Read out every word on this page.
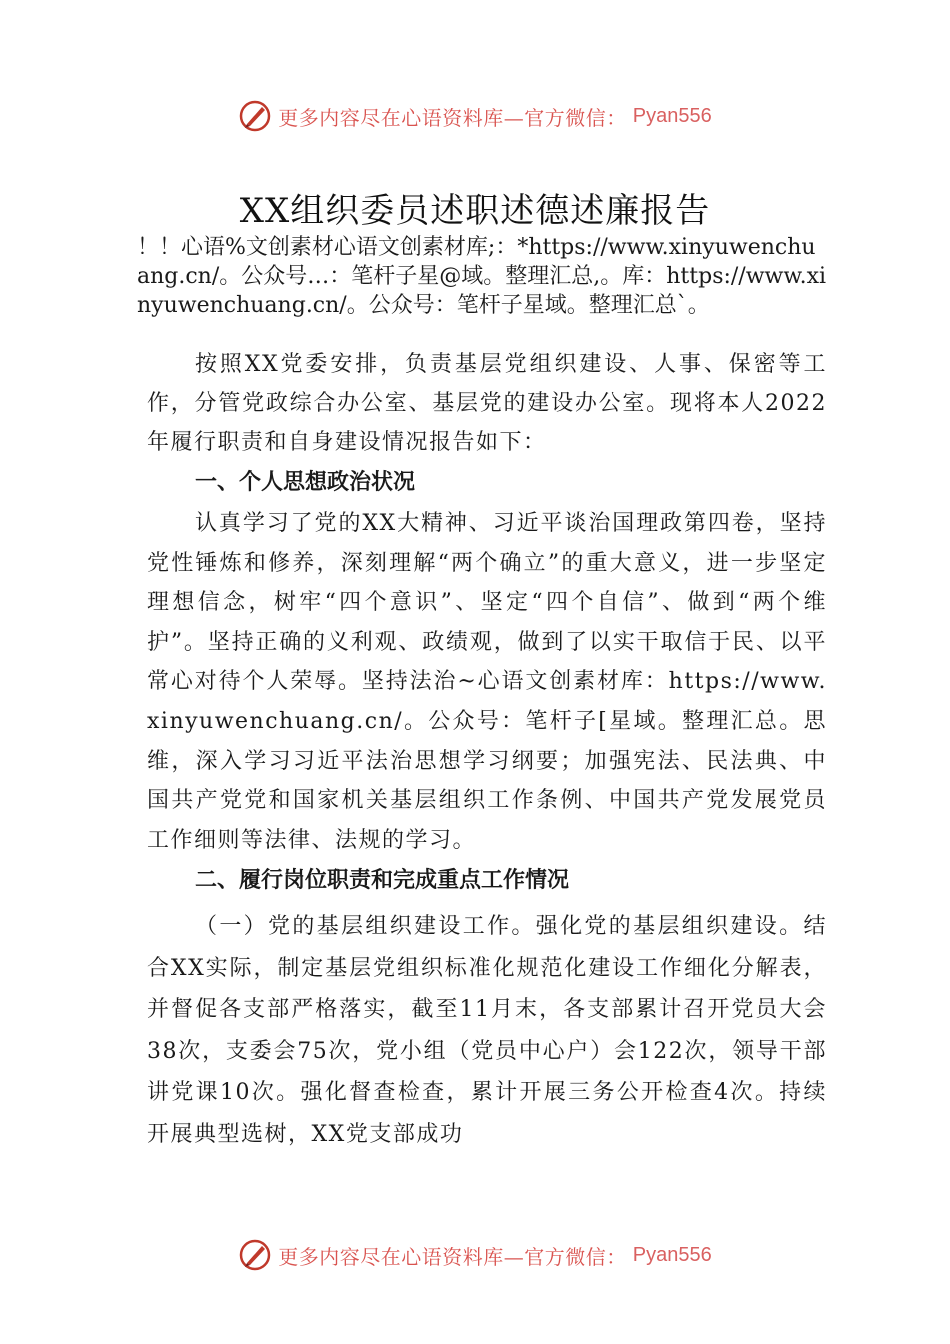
更多内容尽在心语资料库—官方微信： Pyan556
XX组织委员述职述德述廉报告

！！心语%文创素材心语文创素材库;：*https://www.xinyuwenchuang.cn/。公众号…：笔杆子星@域。整理汇总,。库：https://www.xinyuwenchuang.cn/。公众号：笔杆子星域。整理汇总`。

按照XX党委安排，负责基层党组织建设、人事、保密等工作，分管党政综合办公室、基层党的建设办公室。现将本人2022年履行职责和自身建设情况报告如下：

一、个人思想政治状况

认真学习了党的XX大精神、习近平谈治国理政第四卷，坚持党性锤炼和修养，深刻理解“两个确立”的重大意义，进一步坚定理想信念，树牢“四个意识”、坚定“四个自信”、做到“两个维护”。坚持正确的义利观、政绩观，做到了以实干取信于民、以平常心对待个人荣辱。坚持法治~心语文创素材库：https://www.xinyuwenchuang.cn/。公众号：笔杆子[星域。整理汇总。思维，深入学习习近平法治思想学习纲要；加强宪法、民法典、中国共产党党和国家机关基层组织工作条例、中国共产党发展党员工作细则等法律、法规的学习。

二、履行岗位职责和完成重点工作情况

（一）党的基层组织建设工作。强化党的基层组织建设。结合XX实际，制定基层党组织标准化规范化建设工作细化分解表，并督促各支部严格落实，截至11月末，各支部累计召开党员大会38次，支委会75次，党小组（党员中心户）会122次，领导干部讲党课10次。强化督查检查，累计开展三务公开检查4次。持续开展典型选树，XX党支部成功

更多内容尽在心语资料库—官方微信： Pyan556
